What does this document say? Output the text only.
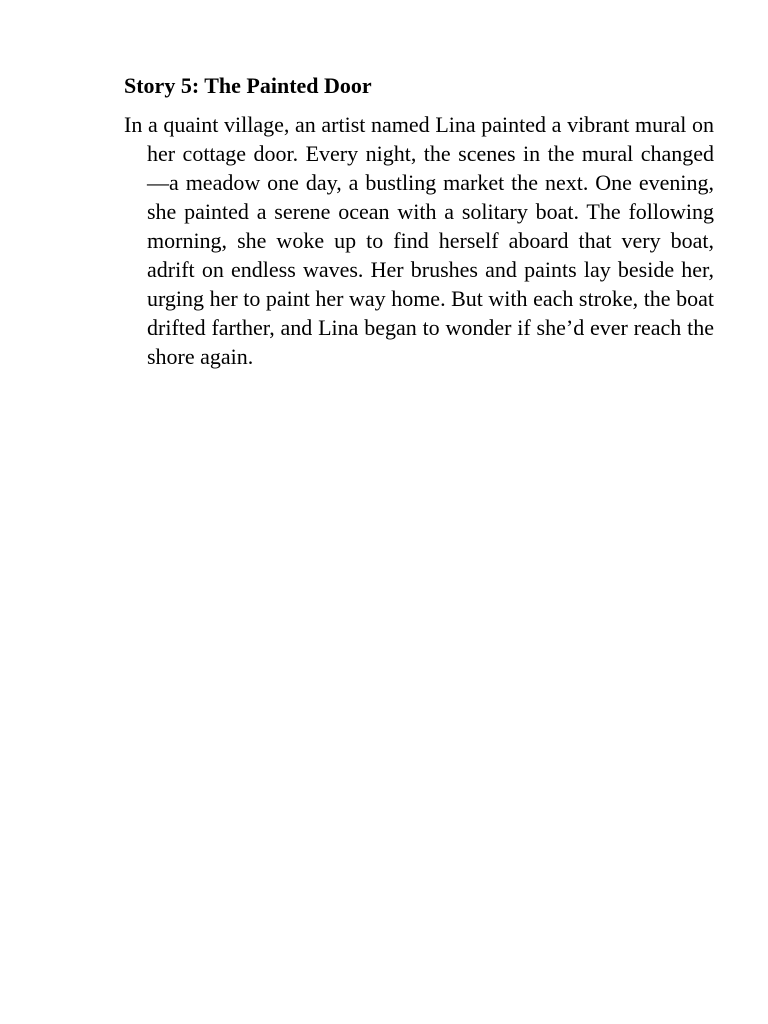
Story 5: The Painted Door

In a quaint village, an artist named Lina painted a vibrant mural on her cottage door. Every night, the scenes in the mural changed—a meadow one day, a bustling market the next. One evening, she painted a serene ocean with a solitary boat. The following morning, she woke up to find herself aboard that very boat, adrift on endless waves. Her brushes and paints lay beside her, urging her to paint her way home. But with each stroke, the boat drifted farther, and Lina began to wonder if she’d ever reach the shore again.
